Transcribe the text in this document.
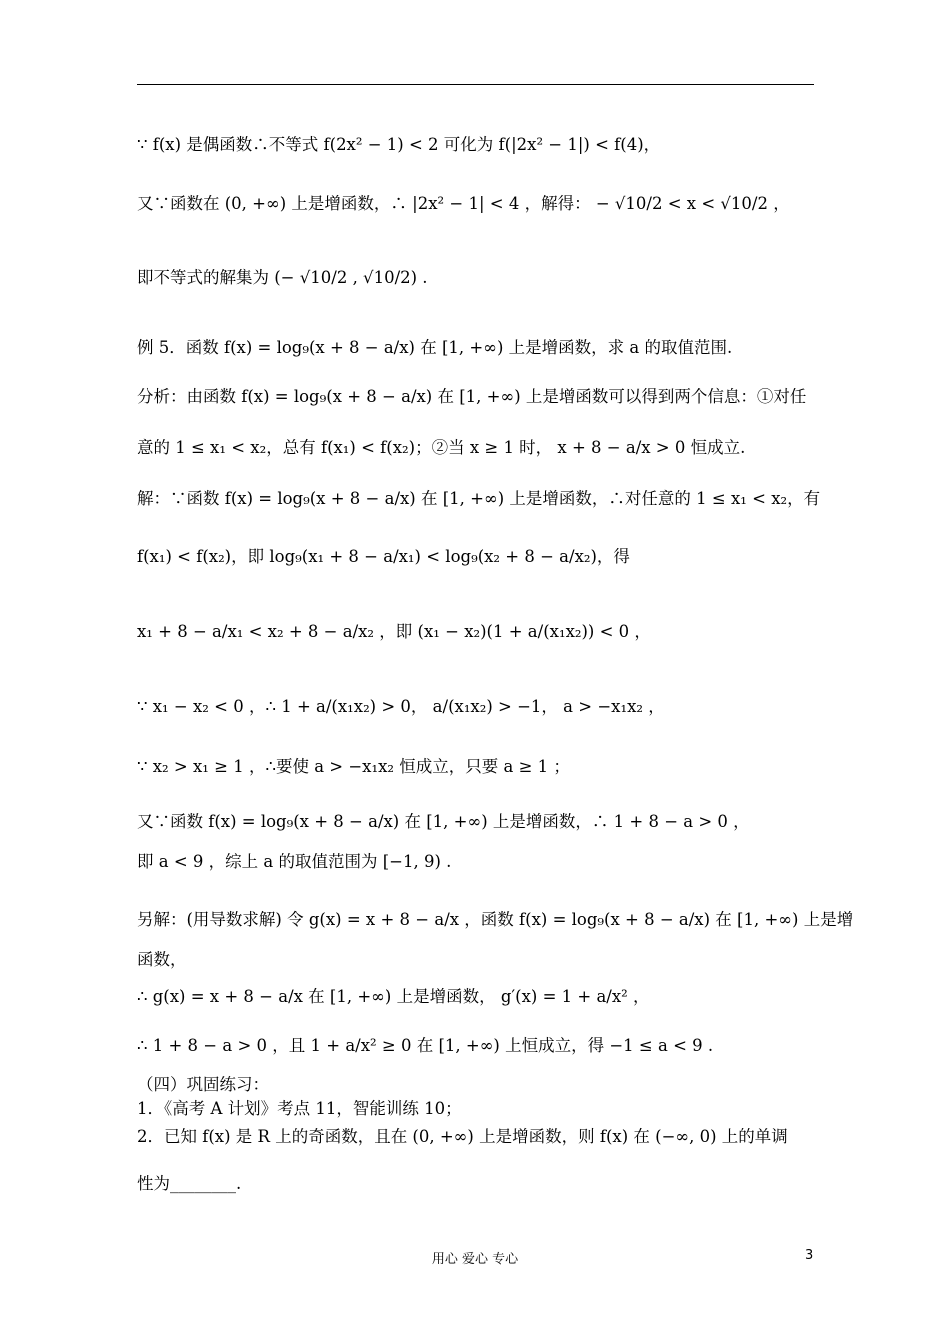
∵ f(x) 是偶函数∴不等式 f(2x² − 1) < 2 可化为 f(|2x² − 1|) < f(4)，
又∵函数在 (0, +∞) 上是增函数，∴ |2x² − 1| < 4 ，解得： − √10/2 < x < √10/2 ，
即不等式的解集为 (− √10/2 , √10/2) .
例 5．函数 f(x) = log₉(x + 8 − a/x) 在 [1, +∞) 上是增函数，求 a 的取值范围.
分析：由函数 f(x) = log₉(x + 8 − a/x) 在 [1, +∞) 上是增函数可以得到两个信息：①对任
意的 1 ≤ x₁ < x₂，总有 f(x₁) < f(x₂)；②当 x ≥ 1 时， x + 8 − a/x > 0 恒成立.
解：∵函数 f(x) = log₉(x + 8 − a/x) 在 [1, +∞) 上是增函数，∴对任意的 1 ≤ x₁ < x₂，有
f(x₁) < f(x₂)，即 log₉(x₁ + 8 − a/x₁) < log₉(x₂ + 8 − a/x₂)，得
x₁ + 8 − a/x₁ < x₂ + 8 − a/x₂ ，即 (x₁ − x₂)(1 + a/(x₁x₂)) < 0 ，
∵ x₁ − x₂ < 0 ，∴ 1 + a/(x₁x₂) > 0， a/(x₁x₂) > −1， a > −x₁x₂ ，
∵ x₂ > x₁ ≥ 1 ，∴要使 a > −x₁x₂ 恒成立，只要 a ≥ 1 ；
又∵函数 f(x) = log₉(x + 8 − a/x) 在 [1, +∞) 上是增函数，∴ 1 + 8 − a > 0 ，
即 a < 9 ，综上 a 的取值范围为 [−1, 9) .
另解：(用导数求解) 令 g(x) = x + 8 − a/x ，函数 f(x) = log₉(x + 8 − a/x) 在 [1, +∞) 上是增
函数，
∴ g(x) = x + 8 − a/x 在 [1, +∞) 上是增函数， g′(x) = 1 + a/x² ，
∴ 1 + 8 − a > 0 ，且 1 + a/x² ≥ 0 在 [1, +∞) 上恒成立，得 −1 ≤ a < 9 .
（四）巩固练习：
1．《高考 A 计划》考点 11，智能训练 10；
2．已知 f(x) 是 R 上的奇函数，且在 (0, +∞) 上是增函数，则 f(x) 在 (−∞, 0) 上的单调
性为________.
用心 爱心 专心	3
